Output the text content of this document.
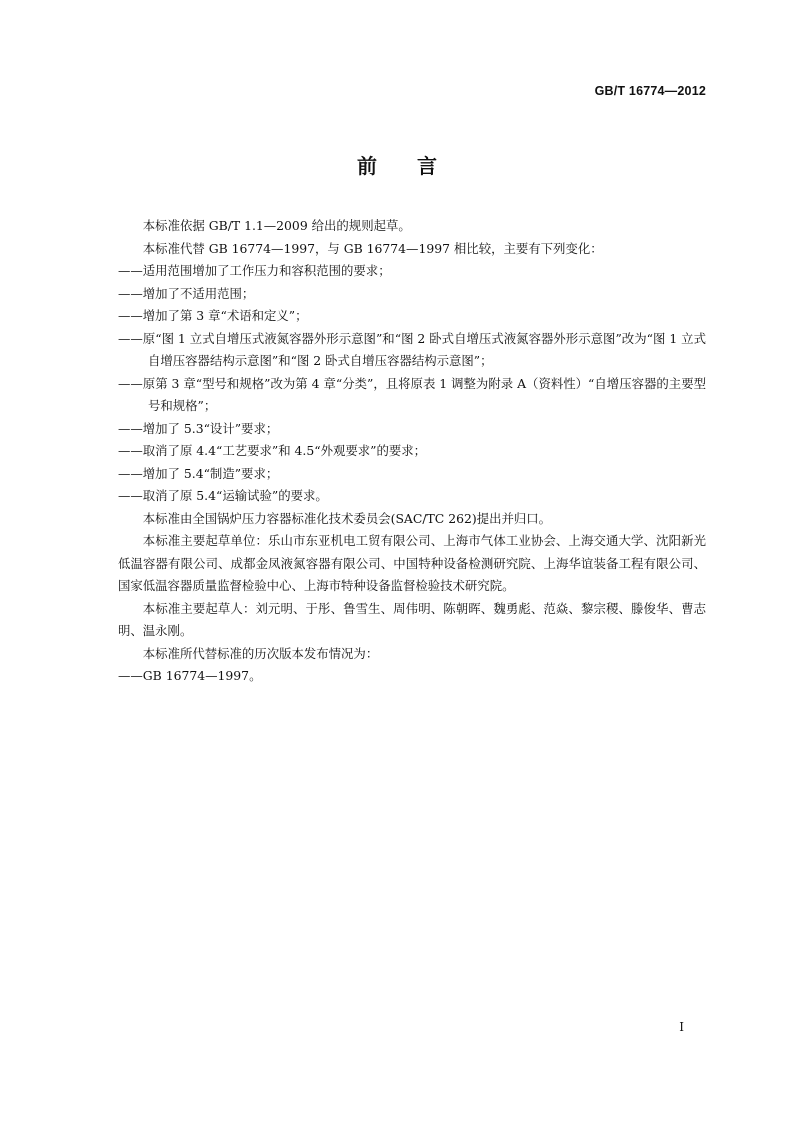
GB/T 16774—2012
前言

本标准依据 GB/T 1.1—2009 给出的规则起草。

本标准代替 GB 16774—1997，与 GB 16774—1997 相比较，主要有下列变化：

——适用范围增加了工作压力和容积范围的要求；

——增加了不适用范围；

——增加了第 3 章“术语和定义”；

——原“图 1 立式自增压式液氮容器外形示意图”和“图 2 卧式自增压式液氮容器外形示意图”改为“图 1 立式自增压容器结构示意图”和“图 2 卧式自增压容器结构示意图”；

——原第 3 章“型号和规格”改为第 4 章“分类”，且将原表 1 调整为附录 A（资料性）“自增压容器的主要型号和规格”；

——增加了 5.3“设计”要求；

——取消了原 4.4“工艺要求”和 4.5“外观要求”的要求；

——增加了 5.4“制造”要求；

——取消了原 5.4“运输试验”的要求。

本标准由全国锅炉压力容器标准化技术委员会(SAC/TC 262)提出并归口。

本标准主要起草单位：乐山市东亚机电工贸有限公司、上海市气体工业协会、上海交通大学、沈阳新光低温容器有限公司、成都金凤液氮容器有限公司、中国特种设备检测研究院、上海华谊装备工程有限公司、国家低温容器质量监督检验中心、上海市特种设备监督检验技术研究院。

本标准主要起草人：刘元明、于彤、鲁雪生、周伟明、陈朝晖、魏勇彪、范焱、黎宗稷、滕俊华、曹志明、温永刚。

本标准所代替标准的历次版本发布情况为：

——GB 16774—1997。

I
